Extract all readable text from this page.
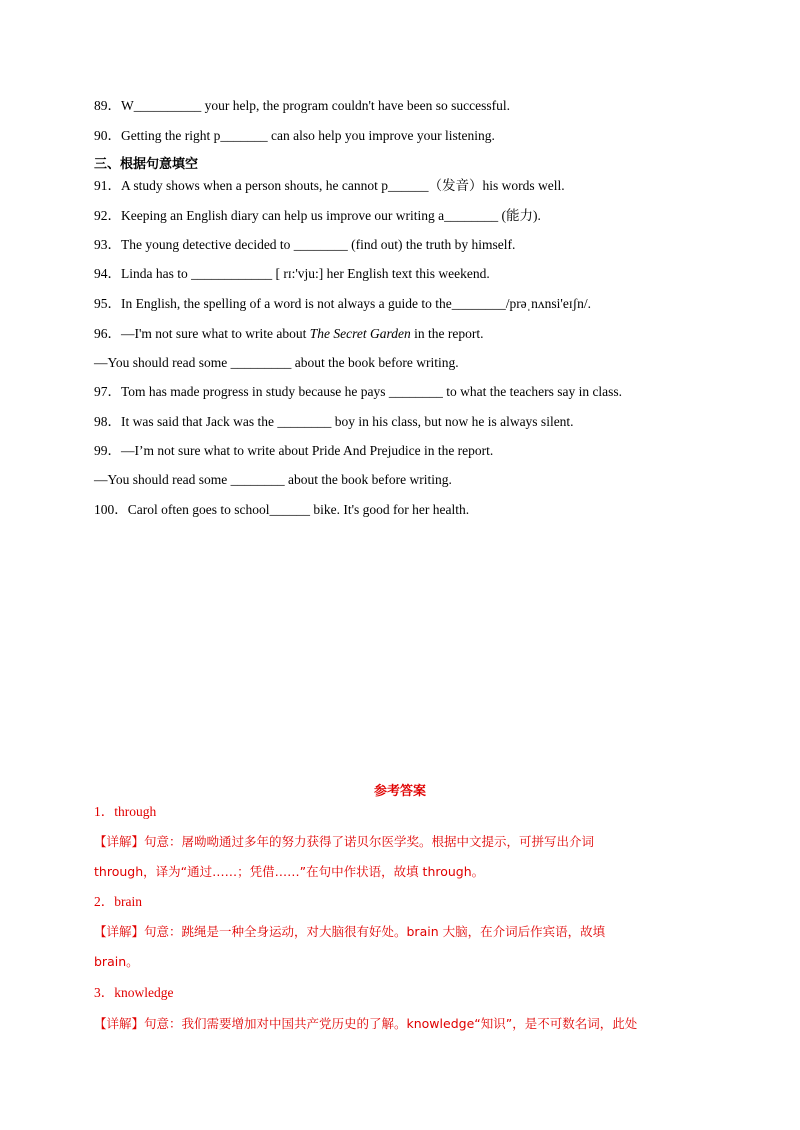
89．W__________ your help, the program couldn't have been so successful.
90．Getting the right p_______ can also help you improve your listening.
三、根据句意填空
91．A study shows when a person shouts, he cannot p______（发音）his words well.
92．Keeping an English diary can help us improve our writing a________ (能力).
93．The young detective decided to ________ (find out) the truth by himself.
94．Linda has to ____________ [ rɪ:'vju:] her English text this weekend.
95．In English, the spelling of a word is not always a guide to the________/prəˌnʌnsi'eɪʃn/.
96．—I'm not sure what to write about The Secret Garden in the report.
—You should read some _________ about the book before writing.
97．Tom has made progress in study because he pays ________ to what the teachers say in class.
98．It was said that Jack was the ________ boy in his class, but now he is always silent.
99．—I’m not sure what to write about Pride And Prejudice in the report.
—You should read some ________ about the book before writing.
100．Carol often goes to school______ bike. It's good for her health.
参考答案
1．through
【详解】句意：屠呦呦通过多年的努力获得了诺贝尔医学奖。根据中文提示，可拼写出介词
through，译为“通过……；凭借……”在句中作状语，故填 through。
2．brain
【详解】句意：跳绳是一种全身运动，对大脑很有好处。brain 大脑，在介词后作宾语，故填
brain。
3．knowledge
【详解】句意：我们需要增加对中国共产党历史的了解。knowledge“知识”，是不可数名词，此处
